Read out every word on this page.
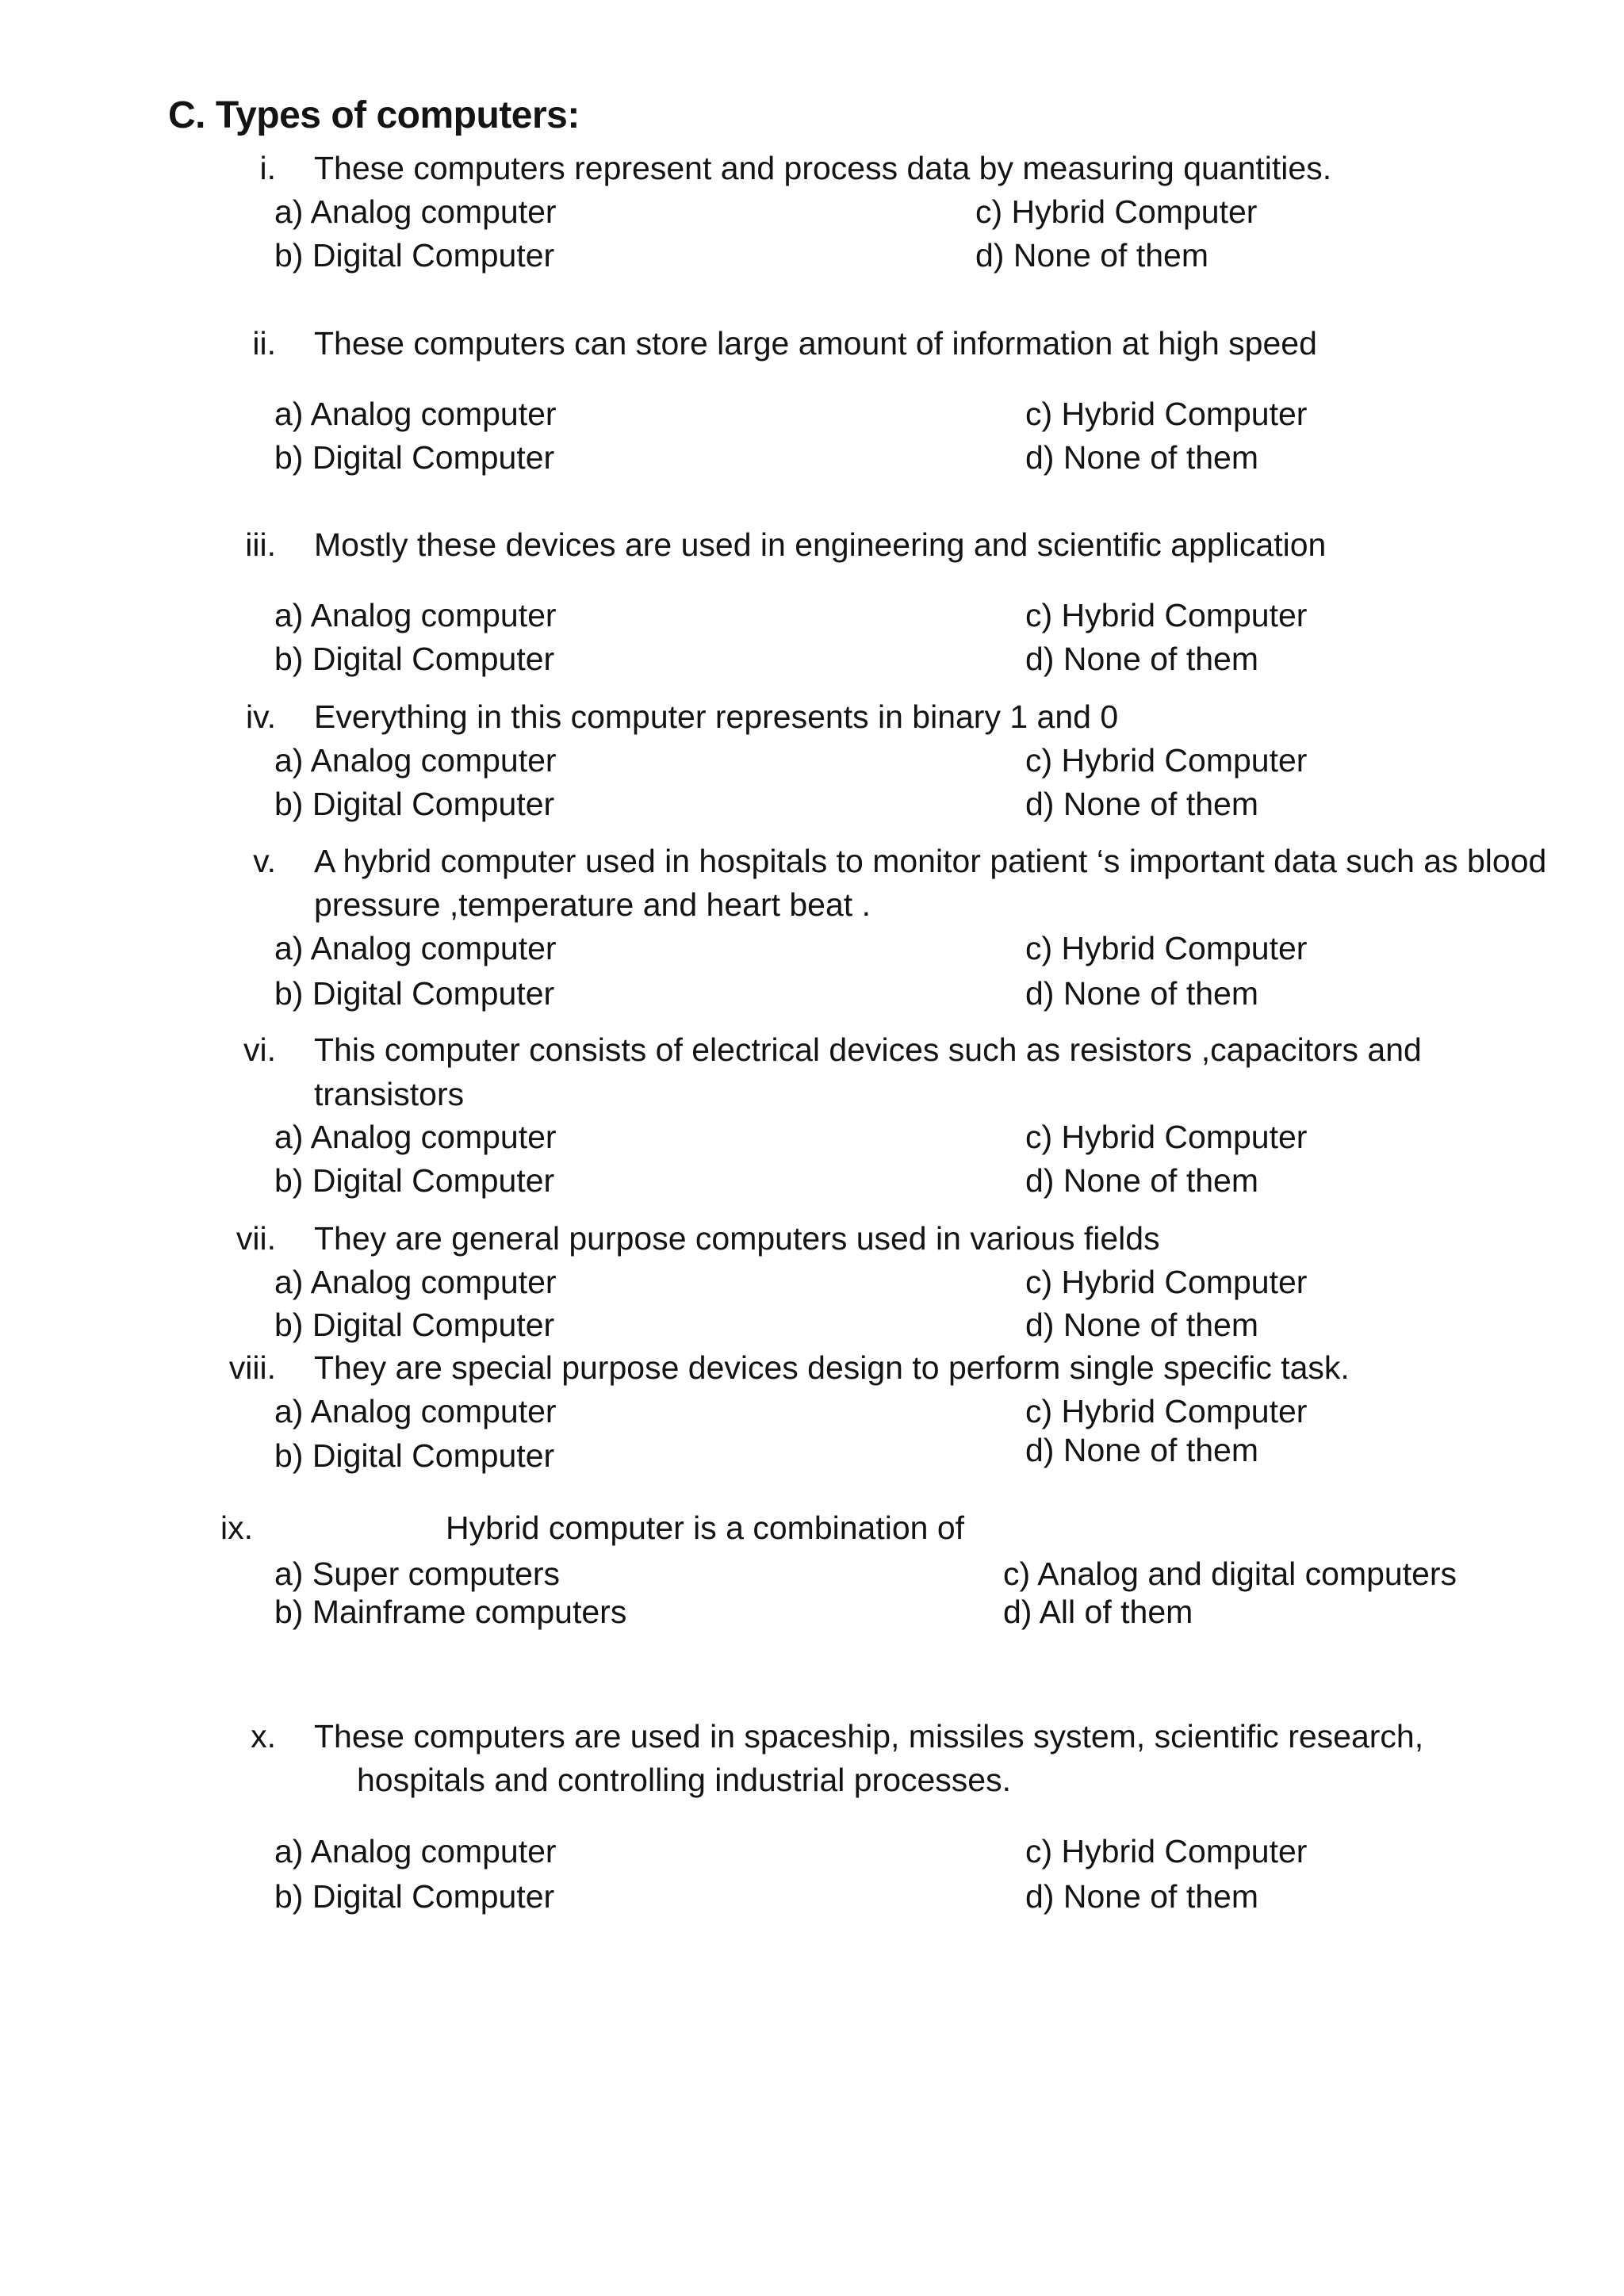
C. Types of computers:
i. These computers represent and process data by measuring quantities.
a) Analog computer
b) Digital Computer
c) Hybrid Computer
d) None of them
ii. These computers can store large amount of information at high speed
a) Analog computer
b) Digital Computer
c) Hybrid Computer
d) None of them
iii. Mostly these devices are used in engineering and scientific application
a) Analog computer
b) Digital Computer
c) Hybrid Computer
d) None of them
iv. Everything in this computer represents in binary 1 and 0
a) Analog computer
b) Digital Computer
c) Hybrid Computer
d) None of them
v. A hybrid computer used in hospitals to monitor patient ‘s important data such as blood
pressure ,temperature and heart beat .
a) Analog computer
b) Digital Computer
c) Hybrid Computer
d) None of them
vi. This computer consists of electrical devices such as resistors ,capacitors and
transistors
a) Analog computer
b) Digital Computer
c) Hybrid Computer
d) None of them
vii. They are general purpose computers used in various fields
a) Analog computer
b) Digital Computer
c) Hybrid Computer
d) None of them
viii. They are special purpose devices design to perform single specific task.
a) Analog computer
b) Digital Computer
c) Hybrid Computer
d) None of them
ix.	Hybrid computer is a combination of
a) Super computers
b) Mainframe computers
c) Analog and digital computers
d) All of them
x. These computers are used in spaceship, missiles system, scientific research,
hospitals and controlling industrial processes.
a) Analog computer
b) Digital Computer
c) Hybrid Computer
d) None of them
